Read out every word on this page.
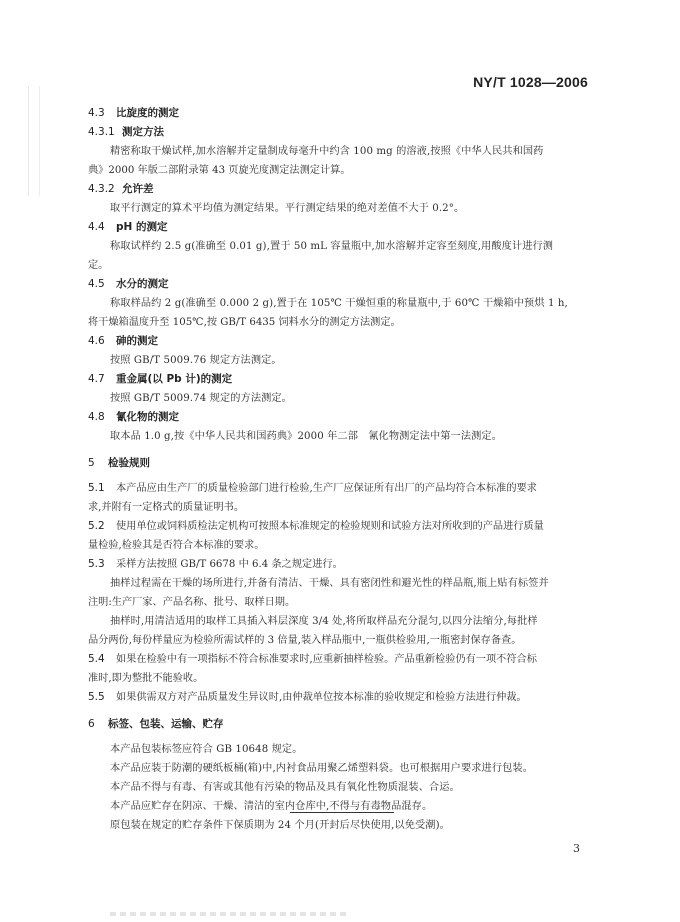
NY/T 1028—2006
4.3 比旋度的测定
4.3.1 测定方法
精密称取干燥试样,加水溶解并定量制成每毫升中约含 100 mg 的溶液,按照《中华人民共和国药
典》2000 年版二部附录第 43 页旋光度测定法测定计算。
4.3.2 允许差
取平行测定的算术平均值为测定结果。平行测定结果的绝对差值不大于 0.2°。
4.4 pH 的测定
称取试样约 2.5 g(准确至 0.01 g),置于 50 mL 容量瓶中,加水溶解并定容至刻度,用酸度计进行测
定。
4.5 水分的测定
称取样品约 2 g(准确至 0.000 2 g),置于在 105℃ 干燥恒重的称量瓶中,于 60℃ 干燥箱中预烘 1 h,
将干燥箱温度升至 105℃,按 GB/T 6435 饲料水分的测定方法测定。
4.6 砷的测定
按照 GB/T 5009.76 规定方法测定。
4.7 重金属(以 Pb 计)的测定
按照 GB/T 5009.74 规定的方法测定。
4.8 氰化物的测定
取本品 1.0 g,按《中华人民共和国药典》2000 年二部　氰化物测定法中第一法测定。
5 检验规则
5.1 本产品应由生产厂的质量检验部门进行检验,生产厂应保证所有出厂的产品均符合本标准的要求
求,并附有一定格式的质量证明书。
5.2 使用单位或饲料质检法定机构可按照本标准规定的检验规则和试验方法对所收到的产品进行质量
量检验,检验其是否符合本标准的要求。
5.3 采样方法按照 GB/T 6678 中 6.4 条之规定进行。
抽样过程需在干燥的场所进行,并备有清洁、干燥、具有密闭性和避光性的样品瓶,瓶上贴有标签并
注明:生产厂家、产品名称、批号、取样日期。
抽样时,用清洁适用的取样工具插入料层深度 3/4 处,将所取样品充分混匀,以四分法缩分,每批样
品分两份,每份样量应为检验所需试样的 3 倍量,装入样品瓶中,一瓶供检验用,一瓶密封保存备查。
5.4 如果在检验中有一项指标不符合标准要求时,应重新抽样检验。产品重新检验仍有一项不符合标
准时,即为整批不能验收。
5.5 如果供需双方对产品质量发生异议时,由仲裁单位按本标准的验收规定和检验方法进行仲裁。
6 标签、包装、运输、贮存
本产品包装标签应符合 GB 10648 规定。
本产品应装于防潮的硬纸板桶(箱)中,内衬食品用聚乙烯塑料袋。也可根据用户要求进行包装。
本产品不得与有毒、有害或其他有污染的物品及具有氧化性物质混装、合运。
本产品应贮存在阴凉、干燥、清洁的室内仓库中,不得与有毒物品混存。
原包装在规定的贮存条件下保质期为 24 个月(开封后尽快使用,以免受潮)。
3
